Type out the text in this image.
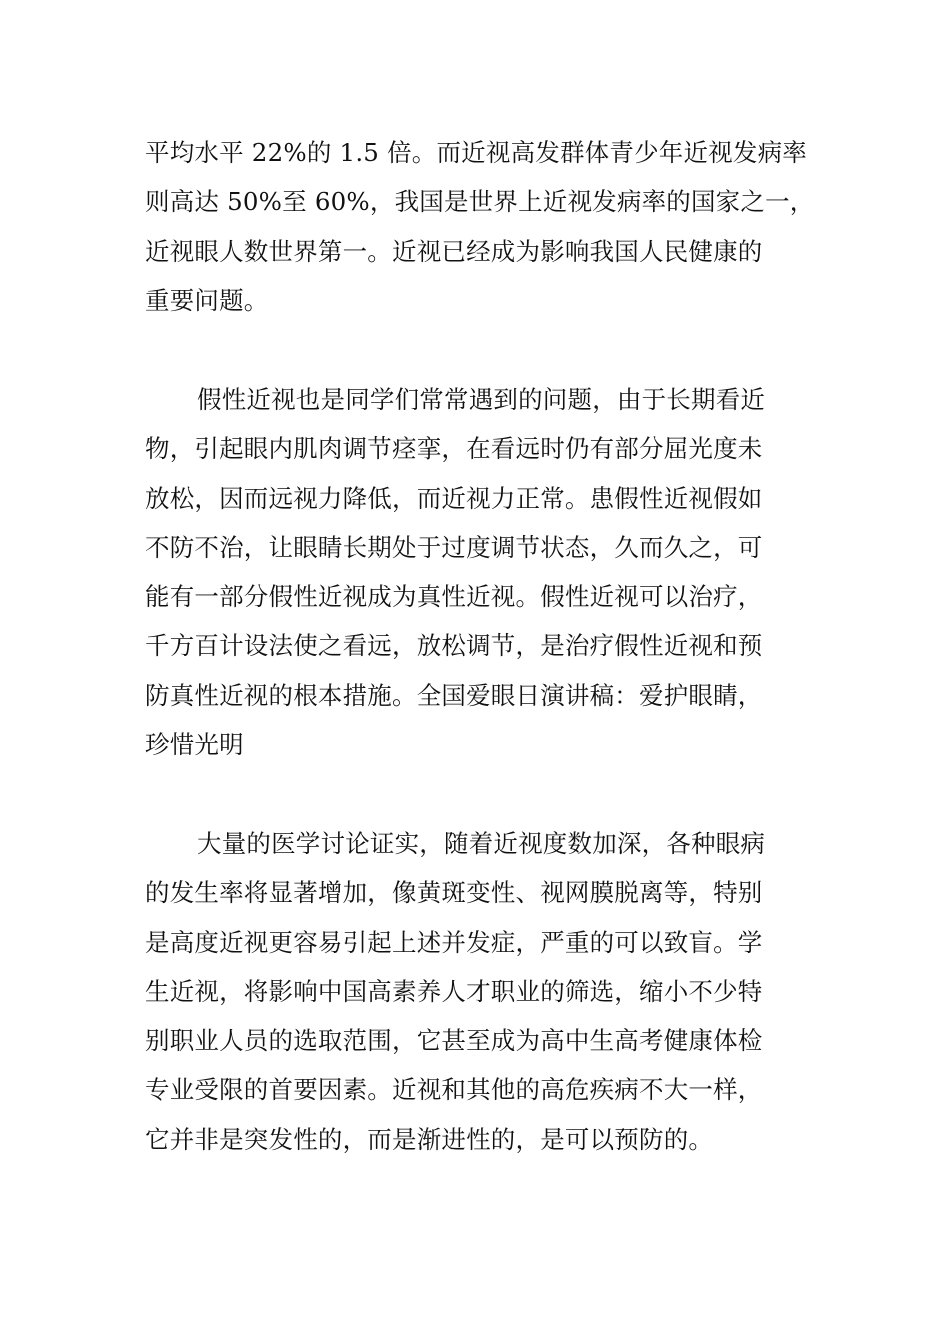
平均水平 22%的 1.5 倍。而近视高发群体青少年近视发病率
则高达 50%至 60%，我国是世界上近视发病率的国家之一，
近视眼人数世界第一。近视已经成为影响我国人民健康的
重要问题。
假性近视也是同学们常常遇到的问题，由于长期看近
物，引起眼内肌肉调节痉挛，在看远时仍有部分屈光度未
放松，因而远视力降低，而近视力正常。患假性近视假如
不防不治，让眼睛长期处于过度调节状态，久而久之，可
能有一部分假性近视成为真性近视。假性近视可以治疗，
千方百计设法使之看远，放松调节，是治疗假性近视和预
防真性近视的根本措施。全国爱眼日演讲稿：爱护眼睛，
珍惜光明
大量的医学讨论证实，随着近视度数加深，各种眼病
的发生率将显著增加，像黄斑变性、视网膜脱离等，特别
是高度近视更容易引起上述并发症，严重的可以致盲。学
生近视，将影响中国高素养人才职业的筛选，缩小不少特
别职业人员的选取范围，它甚至成为高中生高考健康体检
专业受限的首要因素。近视和其他的高危疾病不大一样，
它并非是突发性的，而是渐进性的，是可以预防的。
